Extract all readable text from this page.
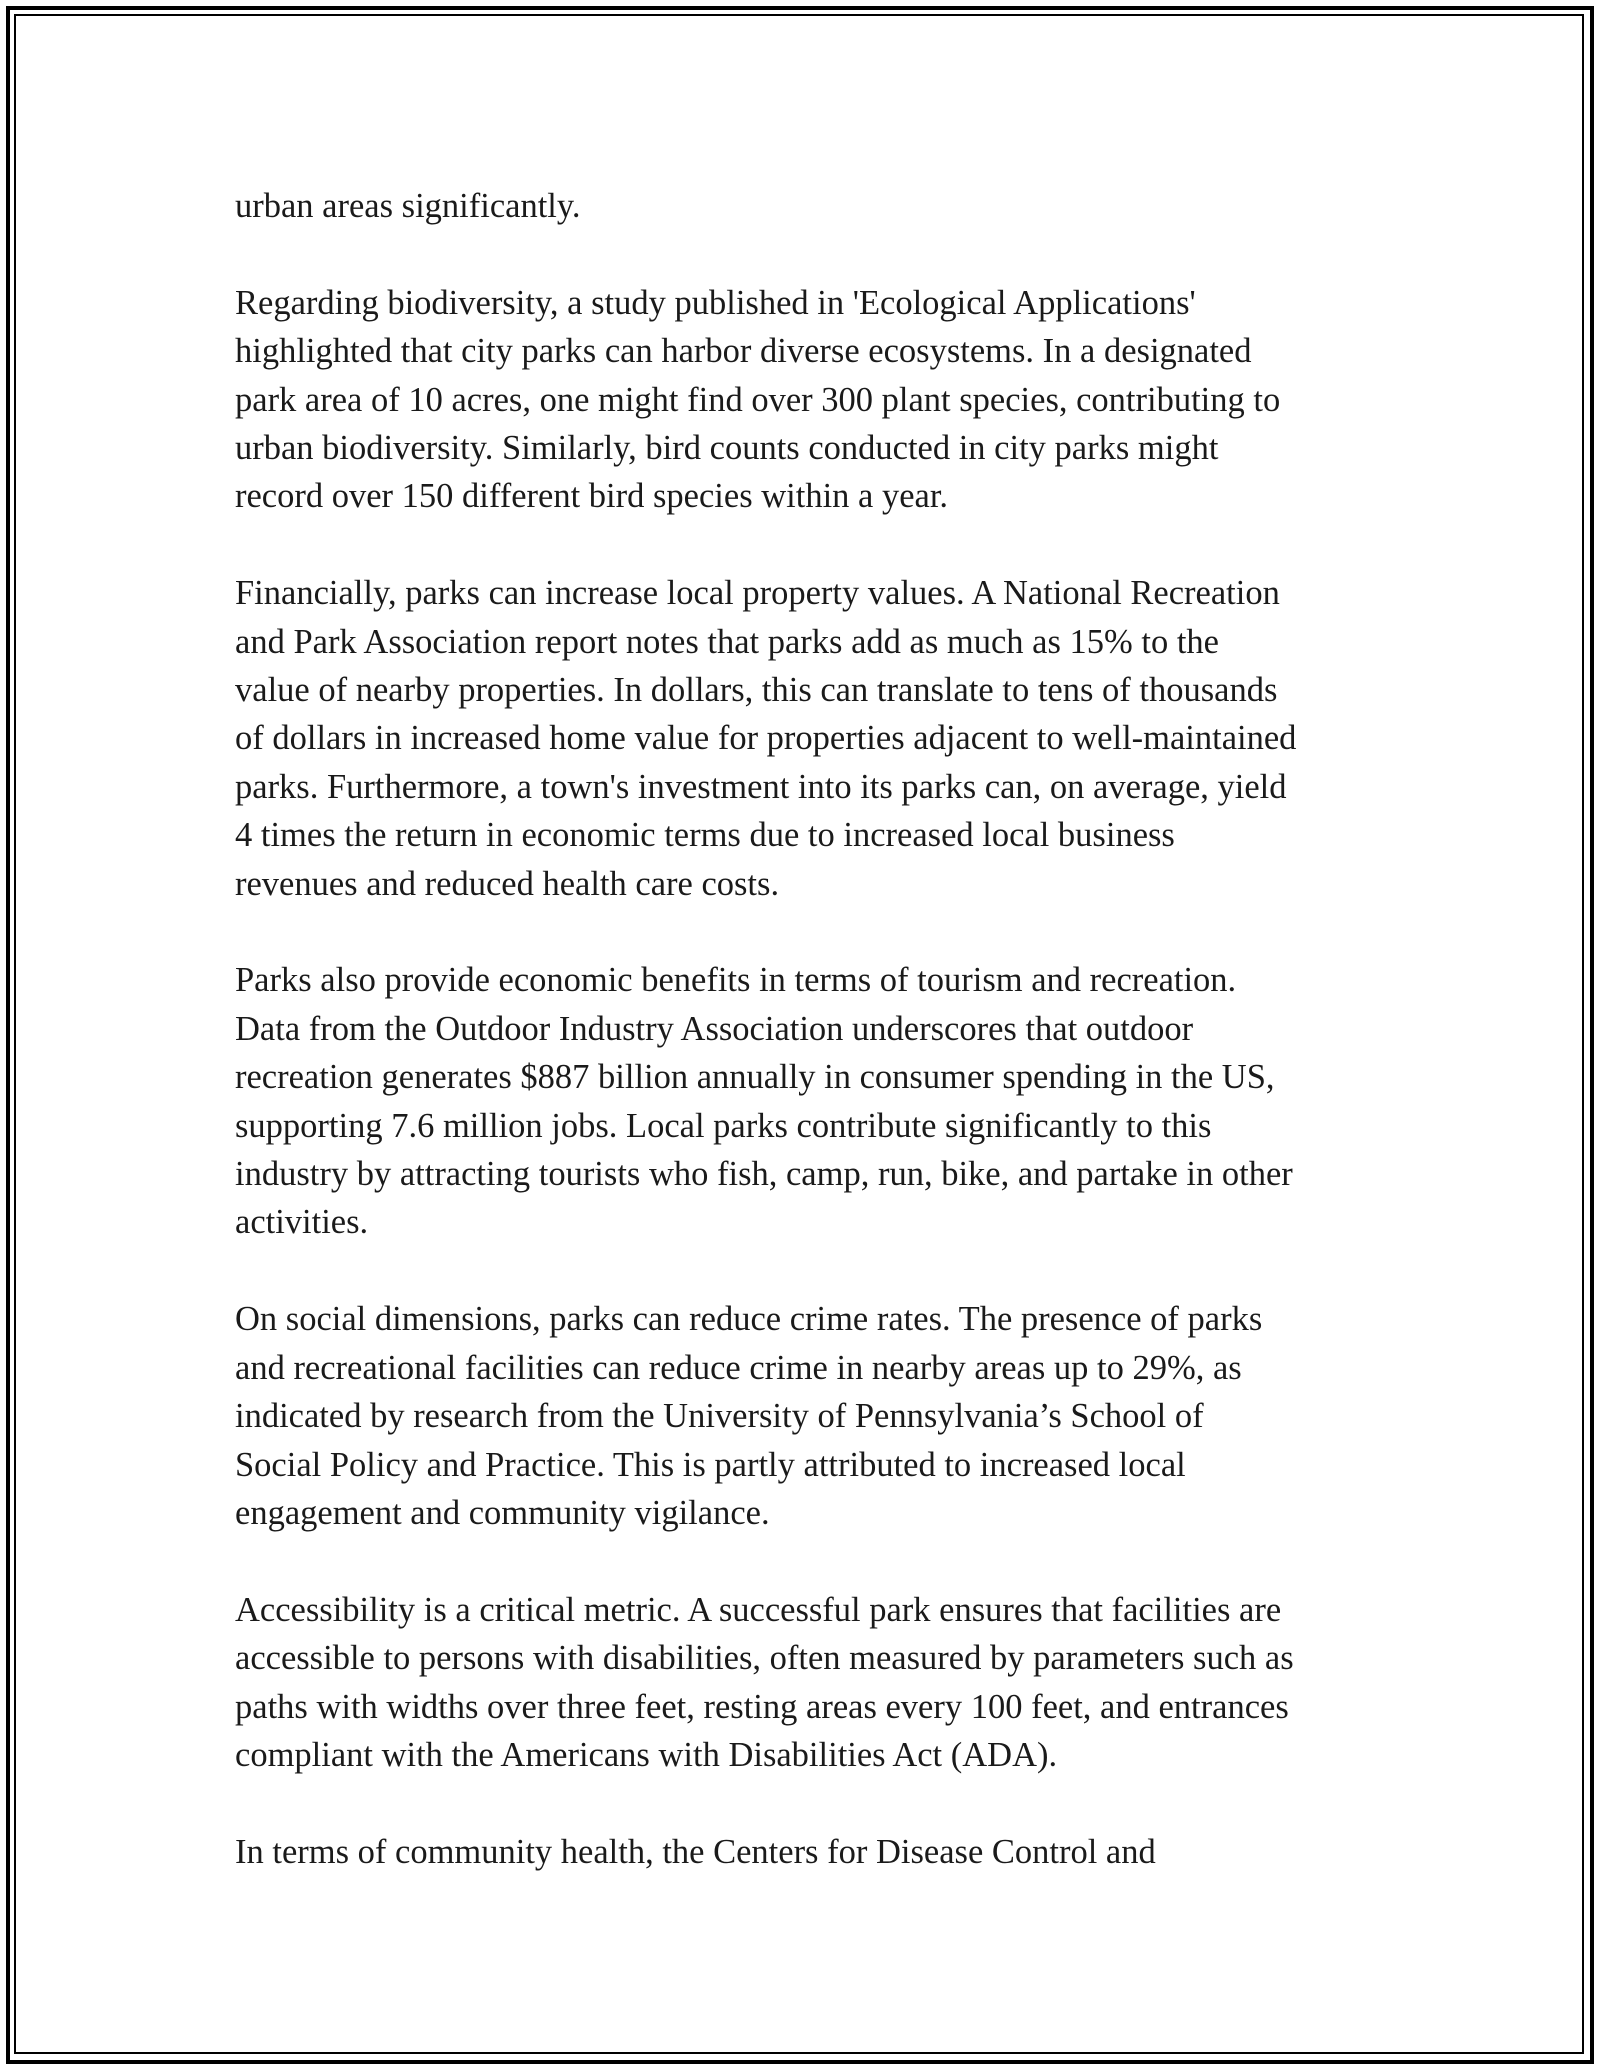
urban areas significantly.

Regarding biodiversity, a study published in 'Ecological Applications'
highlighted that city parks can harbor diverse ecosystems. In a designated
park area of 10 acres, one might find over 300 plant species, contributing to
urban biodiversity. Similarly, bird counts conducted in city parks might
record over 150 different bird species within a year.

Financially, parks can increase local property values. A National Recreation
and Park Association report notes that parks add as much as 15% to the
value of nearby properties. In dollars, this can translate to tens of thousands
of dollars in increased home value for properties adjacent to well-maintained
parks. Furthermore, a town's investment into its parks can, on average, yield
4 times the return in economic terms due to increased local business
revenues and reduced health care costs.

Parks also provide economic benefits in terms of tourism and recreation.
Data from the Outdoor Industry Association underscores that outdoor
recreation generates $887 billion annually in consumer spending in the US,
supporting 7.6 million jobs. Local parks contribute significantly to this
industry by attracting tourists who fish, camp, run, bike, and partake in other
activities.

On social dimensions, parks can reduce crime rates. The presence of parks
and recreational facilities can reduce crime in nearby areas up to 29%, as
indicated by research from the University of Pennsylvania’s School of
Social Policy and Practice. This is partly attributed to increased local
engagement and community vigilance.

Accessibility is a critical metric. A successful park ensures that facilities are
accessible to persons with disabilities, often measured by parameters such as
paths with widths over three feet, resting areas every 100 feet, and entrances
compliant with the Americans with Disabilities Act (ADA).

In terms of community health, the Centers for Disease Control and
